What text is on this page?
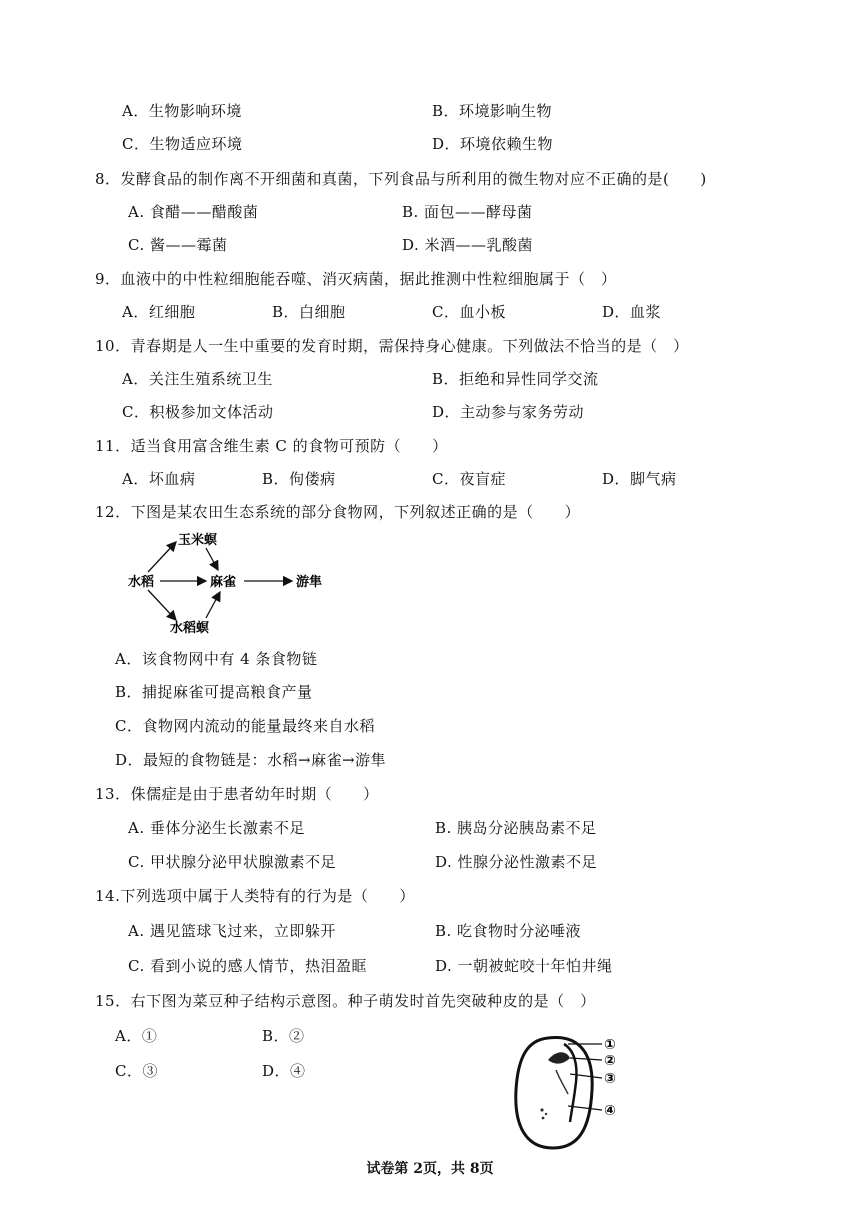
A．生物影响环境	B．环境影响生物
C．生物适应环境	D．环境依赖生物
8．发酵食品的制作离不开细菌和真菌，下列食品与所利用的微生物对应不正确的是(　　)
A. 食醋——醋酸菌	B. 面包——酵母菌
C. 酱——霉菌	D. 米酒——乳酸菌
9．血液中的中性粒细胞能吞噬、消灭病菌，据此推测中性粒细胞属于（　）
A．红细胞	B．白细胞	C．血小板	D．血浆
10．青春期是人一生中重要的发育时期，需保持身心健康。下列做法不恰当的是（　）
A．关注生殖系统卫生	B．拒绝和异性同学交流
C．积极参加文体活动	D．主动参与家务劳动
11．适当食用富含维生素 C 的食物可预防（　　）
A．坏血病	B．佝偻病	C．夜盲症	D．脚气病
12．下图是某农田生态系统的部分食物网，下列叙述正确的是（　　）
玉米螟
水稻	麻雀	游隼
水稻螟
A．该食物网中有 4 条食物链
B．捕捉麻雀可提高粮食产量
C．食物网内流动的能量最终来自水稻
D．最短的食物链是：水稻→麻雀→游隼
13．侏儒症是由于患者幼年时期（　　）
A. 垂体分泌生长激素不足	B. 胰岛分泌胰岛素不足
C. 甲状腺分泌甲状腺激素不足	D. 性腺分泌性激素不足
14.下列选项中属于人类特有的行为是（　　）
A. 遇见篮球飞过来，立即躲开	B. 吃食物时分泌唾液
C. 看到小说的感人情节，热泪盈眶	D. 一朝被蛇咬十年怕井绳
15．右下图为菜豆种子结构示意图。种子萌发时首先突破种皮的是（　）
A．①	B．②
C．③	D．④
①
②
③
④
试卷第 2页，共 8页
